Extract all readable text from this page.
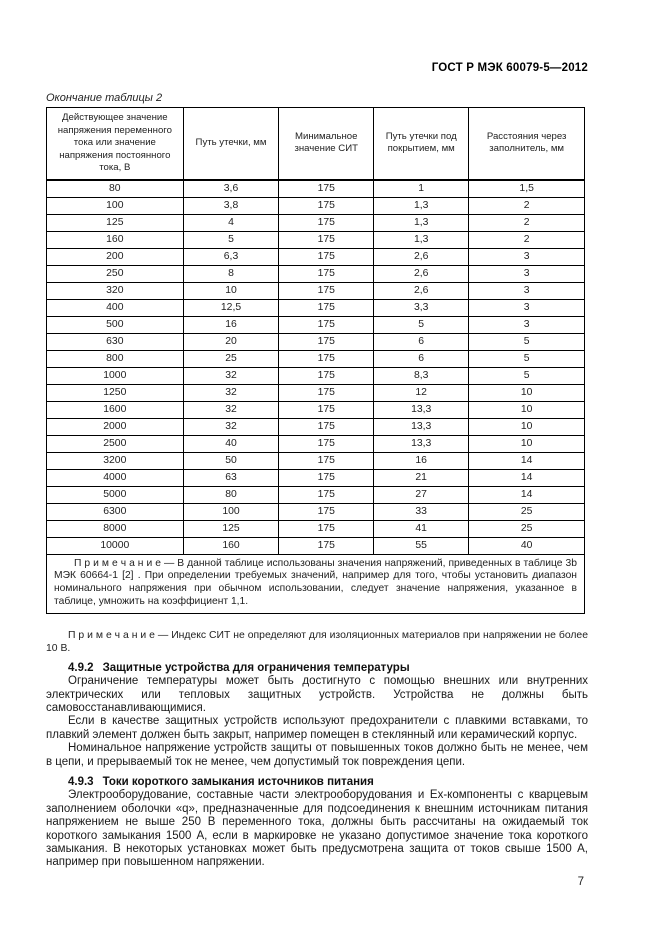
ГОСТ Р МЭК 60079-5—2012
Окончание таблицы 2
Действующее значение напряжения переменного тока или значение напряжения постоянного тока, В	Путь утечки, мм	Минимальное значение СИТ	Путь утечки под покрытием, мм	Расстояния через заполнитель, мм
80	3,6	175	1	1,5
100	3,8	175	1,3	2
125	4	175	1,3	2
160	5	175	1,3	2
200	6,3	175	2,6	3
250	8	175	2,6	3
320	10	175	2,6	3
400	12,5	175	3,3	3
500	16	175	5	3
630	20	175	6	5
800	25	175	6	5
1000	32	175	8,3	5
1250	32	175	12	10
1600	32	175	13,3	10
2000	32	175	13,3	10
2500	40	175	13,3	10
3200	50	175	16	14
4000	63	175	21	14
5000	80	175	27	14
6300	100	175	33	25
8000	125	175	41	25
10000	160	175	55	40
П р и м е ч а н и е — В данной таблице использованы значения напряжений, приведенных в таблице 3b МЭК 60664-1 [2] . При определении требуемых значений, например для того, чтобы установить диапазон номинального напряжения при обычном использовании, следует значение напряжения, указанное в таблице, умножить на коэффициент 1,1.				
П р и м е ч а н и е — Индекс СИТ не определяют для изоляционных материалов при напряжении не более 10 В.
4.9.2 Защитные устройства для ограничения температуры

Ограничение температуры может быть достигнуто с помощью внешних или внутренних электрических или тепловых защитных устройств. Устройства не должны быть самовосстанавливающимися.

Если в качестве защитных устройств используют предохранители с плавкими вставками, то плавкий элемент должен быть закрыт, например помещен в стеклянный или керамический корпус.

Номинальное напряжение устройств защиты от повышенных токов должно быть не менее, чем в цепи, и прерываемый ток не менее, чем допустимый ток повреждения цепи.

4.9.3 Токи короткого замыкания источников питания

Электрооборудование, составные части электрооборудования и Ех-компоненты с кварцевым заполнением оболочки «q», предназначенные для подсоединения к внешним источникам питания напряжением не выше 250 В переменного тока, должны быть рассчитаны на ожидаемый ток короткого замыкания 1500 А, если в маркировке не указано допустимое значение тока короткого замыкания. В некоторых установках может быть предусмотрена защита от токов свыше 1500 А, например при повышенном напряжении.

7
